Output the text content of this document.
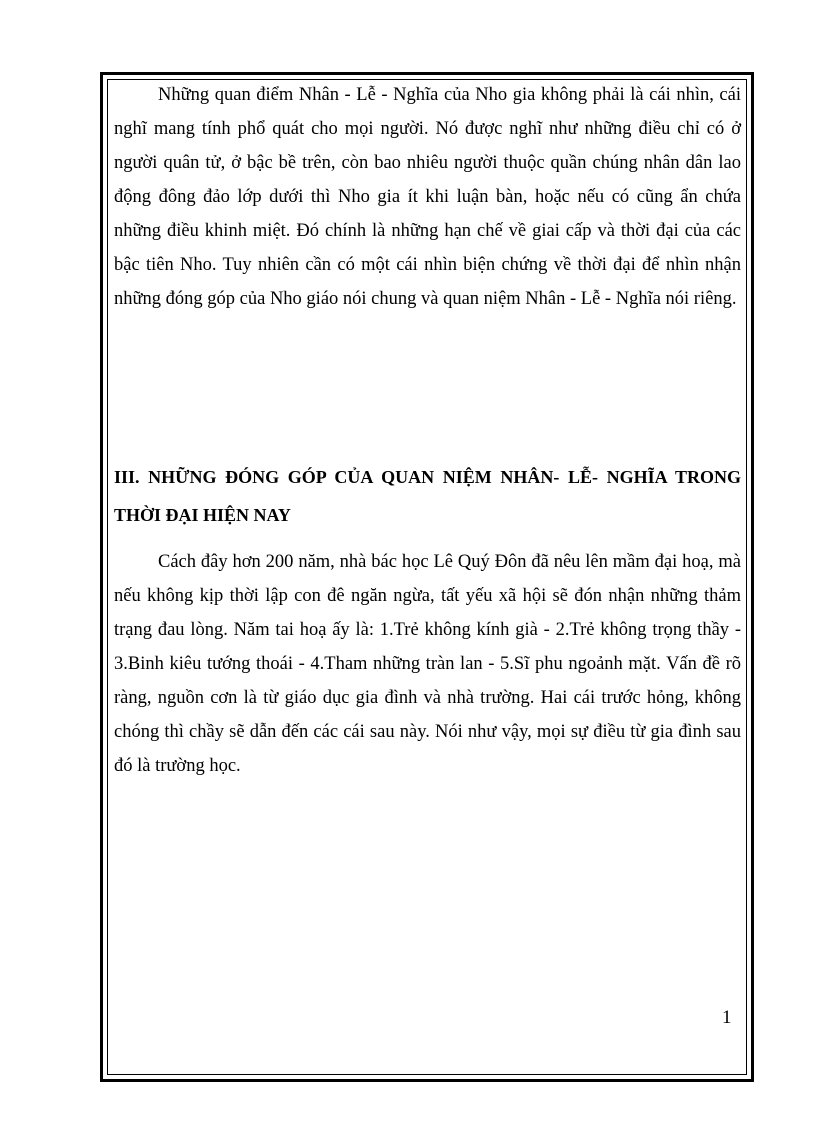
Những quan điểm Nhân - Lễ - Nghĩa của Nho gia không phải là cái nhìn, cái nghĩ mang tính phổ quát cho mọi người. Nó được nghĩ như những điều chỉ có ở người quân tử, ở bậc bề trên, còn bao nhiêu người thuộc quần chúng nhân dân lao động đông đảo lớp dưới thì Nho gia ít khi luận bàn, hoặc nếu có cũng ẩn chứa những điều khinh miệt. Đó chính là những hạn chế về giai cấp và thời đại của các bậc tiên Nho. Tuy nhiên cần có một cái nhìn biện chứng về thời đại để nhìn nhận những đóng góp của Nho giáo nói chung và quan niệm Nhân - Lễ - Nghĩa nói riêng.

III. NHỮNG ĐÓNG GÓP CỦA QUAN NIỆM NHÂN- LỄ- NGHĨA TRONG THỜI ĐẠI HIỆN NAY

Cách đây hơn 200 năm, nhà bác học Lê Quý Đôn đã nêu lên mầm đại hoạ, mà nếu không kịp thời lập con đê ngăn ngừa, tất yếu xã hội sẽ đón nhận những thảm trạng đau lòng. Năm tai hoạ ấy là: 1.Trẻ không kính già - 2.Trẻ không trọng thầy - 3.Binh kiêu tướng thoái - 4.Tham những tràn lan - 5.Sĩ phu ngoảnh mặt. Vấn đề rõ ràng, nguồn cơn là từ giáo dục gia đình và nhà trường. Hai cái trước hỏng, không chóng thì chầy sẽ dẫn đến các cái sau này. Nói như vậy, mọi sự điều từ gia đình sau đó là trường học.

1
